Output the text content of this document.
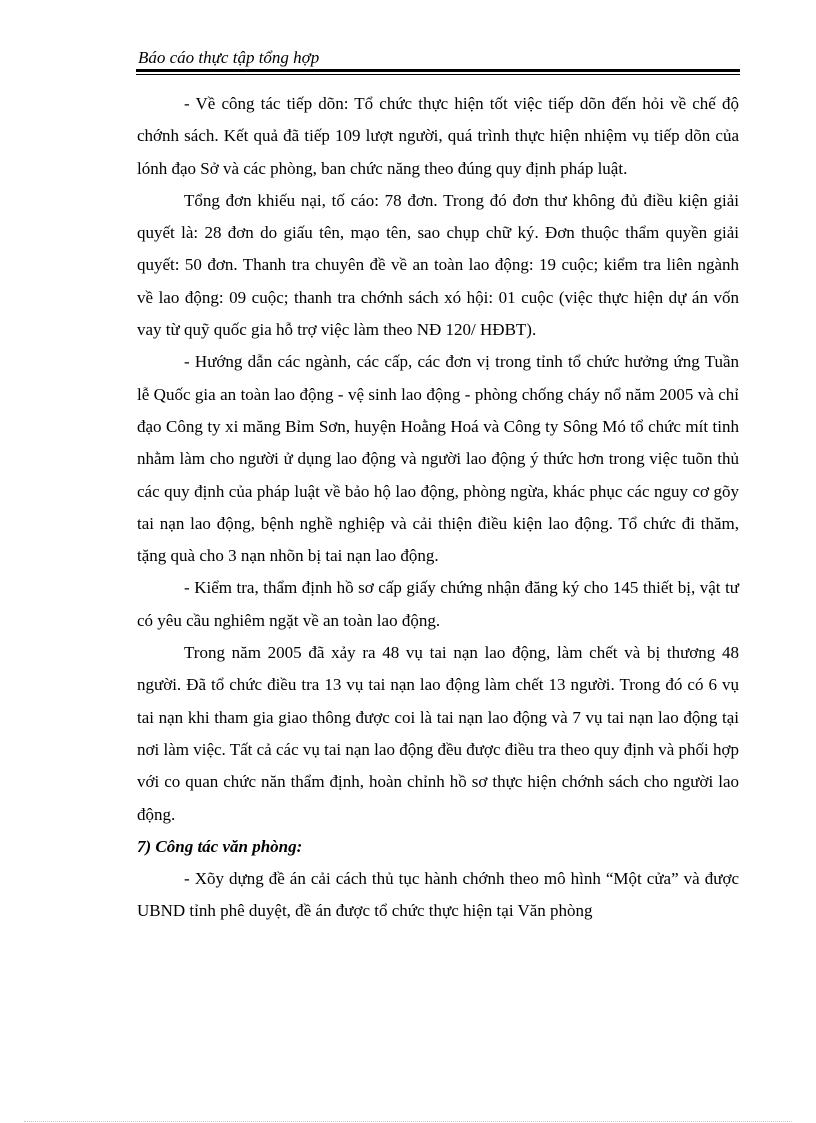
Báo cáo thực tập tổng hợp

- Về công tác tiếp dõn: Tổ chức thực hiện tốt việc tiếp dõn đến hỏi về chế độ chớnh sách. Kết quả đã tiếp 109 lượt người, quá trình thực hiện nhiệm vụ tiếp dõn của lónh đạo Sở và các phòng, ban chức năng theo đúng quy định pháp luật.

Tổng đơn khiếu nại, tố cáo: 78 đơn. Trong đó đơn thư không đủ điều kiện giải quyết là: 28 đơn do giấu tên, mạo tên, sao chụp chữ ký. Đơn thuộc thẩm quyền giải quyết: 50 đơn. Thanh tra chuyên đề về an toàn lao động: 19 cuộc; kiểm tra liên ngành về lao động: 09 cuộc; thanh tra chớnh sách xó hội: 01 cuộc (việc thực hiện dự án vốn vay từ quỹ quốc gia hỗ trợ việc làm theo NĐ 120/ HĐBT).

- Hướng dẫn các ngành, các cấp, các đơn vị trong tỉnh tổ chức hưởng ứng Tuần lễ Quốc gia an toàn lao động - vệ sinh lao động - phòng chống cháy nổ năm 2005 và chỉ đạo Công ty xi măng Bỉm Sơn, huyện Hoằng Hoá và Công ty Sông Mó tổ chức mít tinh nhằm làm cho người ử dụng lao động và người lao động ý thức hơn trong việc tuõn thủ các quy định của pháp luật về bảo hộ lao động, phòng ngừa, khác phục các nguy cơ gõy tai nạn lao động, bệnh nghề nghiệp và cải thiện điều kiện lao động. Tổ chức đi thăm, tặng quà cho 3 nạn nhõn bị tai nạn lao động.

- Kiểm tra, thẩm định hồ sơ cấp giấy chứng nhận đăng ký cho 145 thiết bị, vật tư có yêu cầu nghiêm ngặt về an toàn lao động.

Trong năm 2005 đã xảy ra 48 vụ tai nạn lao động, làm chết và bị thương 48 người. Đã tổ chức điều tra 13 vụ tai nạn lao động làm chết 13 người. Trong đó có 6 vụ tai nạn khi tham gia giao thông được coi là tai nạn lao động và 7 vụ tai nạn lao động tại nơi làm việc. Tất cả các vụ tai nạn lao động đều được điều tra theo quy định và phối hợp với co quan chức năn thẩm định, hoàn chỉnh hồ sơ thực hiện chớnh sách cho người lao động.

7) Công tác văn phòng:

- Xõy dựng đề án cải cách thủ tục hành chớnh theo mô hình “Một cửa” và được UBND tỉnh phê duyệt, đề án được tổ chức thực hiện tại Văn phòng
